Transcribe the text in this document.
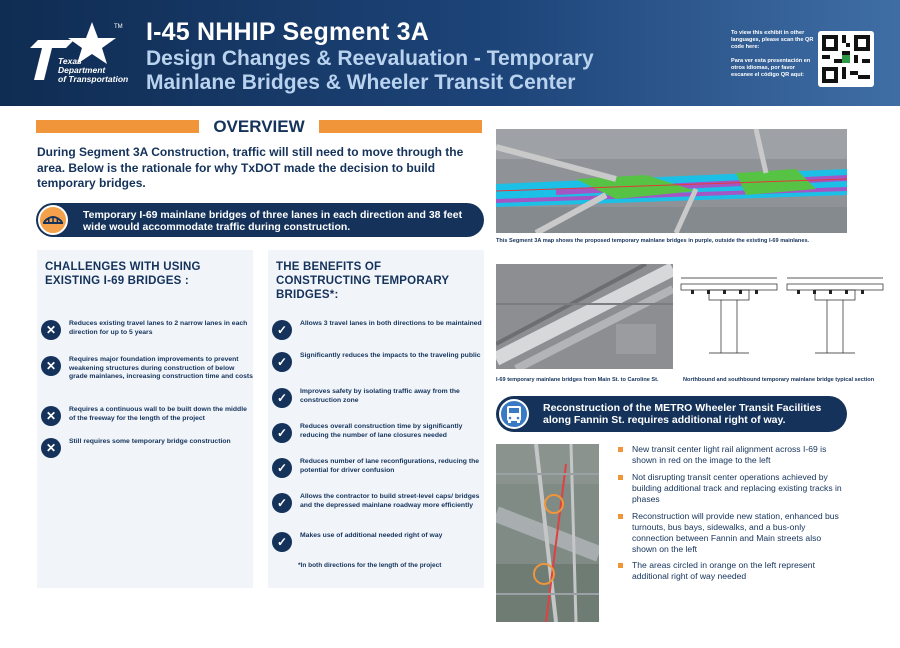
TM
Texas
Department
of Transportation
I-45 NHHIP Segment 3A
Design Changes & Reevaluation - Temporary Mainlane Bridges & Wheeler Transit Center

To view this exhibit in other languages, please scan the QR code here:

Para ver esta presentación en otros idiomas, por favor escanee el código QR aquí:

OVERVIEW
During Segment 3A Construction, traffic will still need to move through the area. Below is the rationale for why TxDOT made the decision to build temporary bridges.
Temporary I-69 mainlane bridges of three lanes in each direction and 38 feet wide would accommodate traffic during construction.
CHALLENGES WITH USING EXISTING I-69 BRIDGES :
✕	Reduces existing travel lanes to 2 narrow lanes in each direction for up to 5 years
✕	Requires major foundation improvements to prevent weakening structures during construction of below grade mainlanes, increasing construction time and costs
✕	Requires a continuous wall to be built down the middle of the freeway for the length of the project
✕	Still requires some temporary bridge construction
THE BENEFITS OF CONSTRUCTING TEMPORARY BRIDGES*:
✓	Allows 3 travel lanes in both directions to be maintained
✓	Significantly reduces the impacts to the traveling public
✓	Improves safety by isolating traffic away from the construction zone
✓	Reduces overall construction time by significantly reducing the number of lane closures needed
✓	Reduces number of lane reconfigurations, reducing the potential for driver confusion
✓	Allows the contractor to build street-level caps/ bridges and the depressed mainlane roadway more efficiently
✓	Makes use of additional needed right of way
*In both directions for the length of the project
This Segment 3A map shows the proposed temporary mainlane bridges in purple, outside the existing I-69 mainlanes.
I-69 temporary mainlane bridges from Main St. to Caroline St.	Northbound and southbound temporary mainlane bridge typical section
Reconstruction of the METRO Wheeler Transit Facilities along Fannin St. requires additional right of way.
New transit center light rail alignment across I-69 is shown in red on the image to the left
Not disrupting transit center operations achieved by building additional track and replacing existing tracks in phases
Reconstruction will provide new station, enhanced bus turnouts, bus bays, sidewalks, and a bus-only connection between Fannin and Main streets also shown on the left
The areas circled in orange on the left represent additional right of way needed
